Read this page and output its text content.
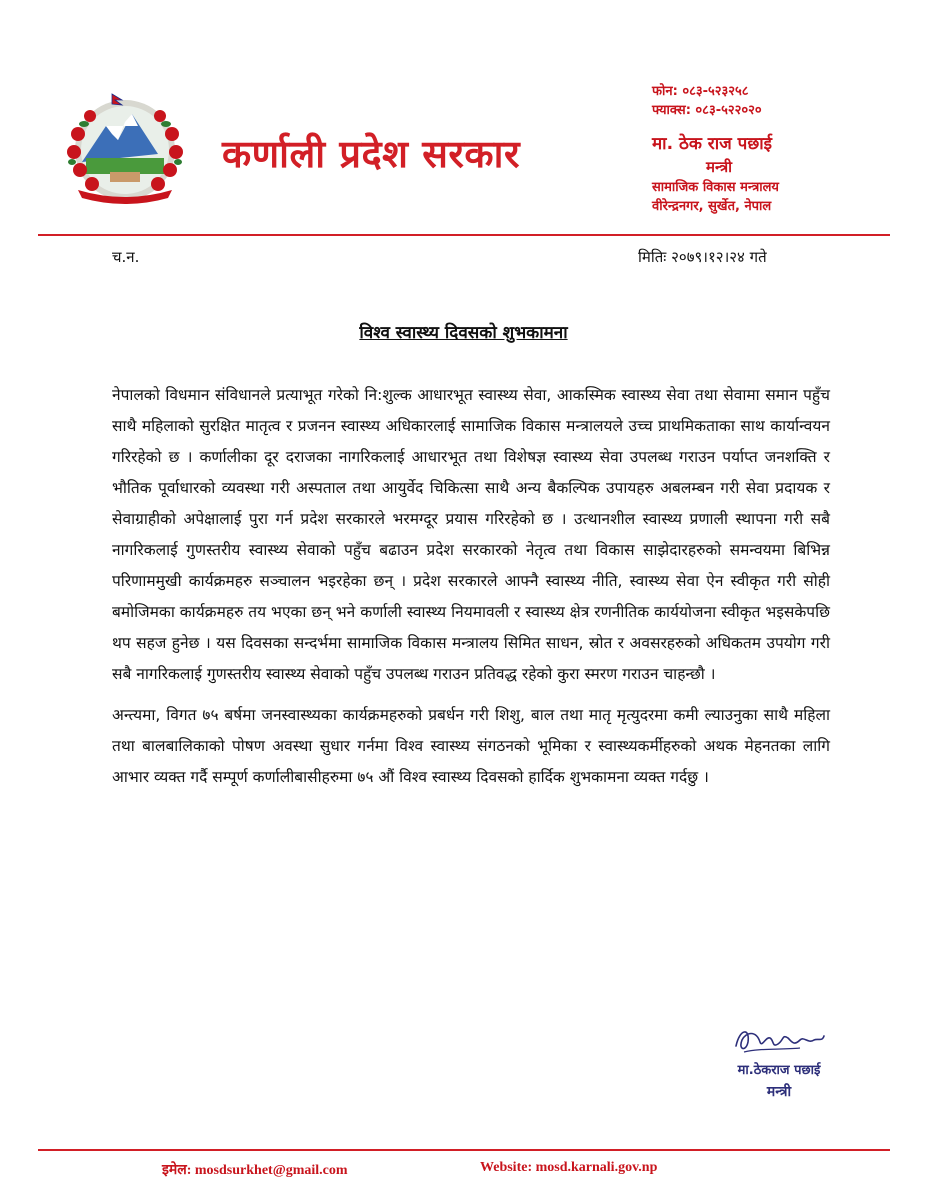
कर्णाली प्रदेश सरकार
फोन: ०८३-५२३२५८
फ्याक्स: ०८३-५२२०२०
मा. ठेक राज पछाई
मन्त्री
सामाजिक विकास मन्त्रालय
वीरेन्द्रनगर, सुर्खेत, नेपाल
च.न.	मितिः २०७९।१२।२४ गते
विश्व स्वास्थ्य दिवसको शुभकामना

नेपालको विधमान संविधानले प्रत्याभूत गरेको नि:शुल्क आधारभूत स्वास्थ्य सेवा, आकस्मिक स्वास्थ्य सेवा तथा सेवामा समान पहुँच साथै महिलाको सुरक्षित मातृत्व र प्रजनन स्वास्थ्य अधिकारलाई सामाजिक विकास मन्त्रालयले उच्च प्राथमिकताका साथ कार्यान्वयन गरिरहेको छ । कर्णालीका दूर दराजका नागरिकलाई आधारभूत तथा विशेषज्ञ स्वास्थ्य सेवा उपलब्ध गराउन पर्याप्त जनशक्ति र भौतिक पूर्वाधारको व्यवस्था गरी अस्पताल तथा आयुर्वेद चिकित्सा साथै अन्य बैकल्पिक उपायहरु अबलम्बन गरी सेवा प्रदायक र सेवाग्राहीको अपेक्षालाई पुरा गर्न प्रदेश सरकारले भरमग्दूर प्रयास गरिरहेको छ । उत्थानशील स्वास्थ्य प्रणाली स्थापना गरी सबै नागरिकलाई गुणस्तरीय स्वास्थ्य सेवाको पहुँच बढाउन प्रदेश सरकारको नेतृत्व तथा विकास साझेदारहरुको समन्वयमा बिभिन्न परिणाममुखी कार्यक्रमहरु सञ्चालन भइरहेका छन् । प्रदेश सरकारले आफ्नै स्वास्थ्य नीति, स्वास्थ्य सेवा ऐन स्वीकृत गरी सोही बमोजिमका कार्यक्रमहरु तय भएका छन् भने कर्णाली स्वास्थ्य नियमावली र स्वास्थ्य क्षेत्र रणनीतिक कार्ययोजना स्वीकृत भइसकेपछि थप सहज हुनेछ । यस दिवसका सन्दर्भमा सामाजिक विकास मन्त्रालय सिमित साधन, स्रोत र अवसरहरुको अधिकतम उपयोग गरी सबै नागरिकलाई गुणस्तरीय स्वास्थ्य सेवाको पहुँच उपलब्ध गराउन प्रतिवद्ध रहेको कुरा स्मरण गराउन चाहन्छौ ।

अन्त्यमा, विगत ७५ बर्षमा जनस्वास्थ्यका कार्यक्रमहरुको प्रबर्धन गरी शिशु, बाल तथा मातृ मृत्युदरमा कमी ल्याउनुका साथै महिला तथा बालबालिकाको पोषण अवस्था सुधार गर्नमा विश्व स्वास्थ्य संगठनको भूमिका र स्वास्थ्यकर्मीहरुको अथक मेहनतका लागि आभार व्यक्त गर्दै सम्पूर्ण कर्णालीबासीहरुमा ७५ औं विश्व स्वास्थ्य दिवसको हार्दिक शुभकामना व्यक्त गर्दछु ।

मा.ठेकराज पछाई
मन्त्री
इमेल: mosdsurkhet@gmail.com	Website: mosd.karnali.gov.np
